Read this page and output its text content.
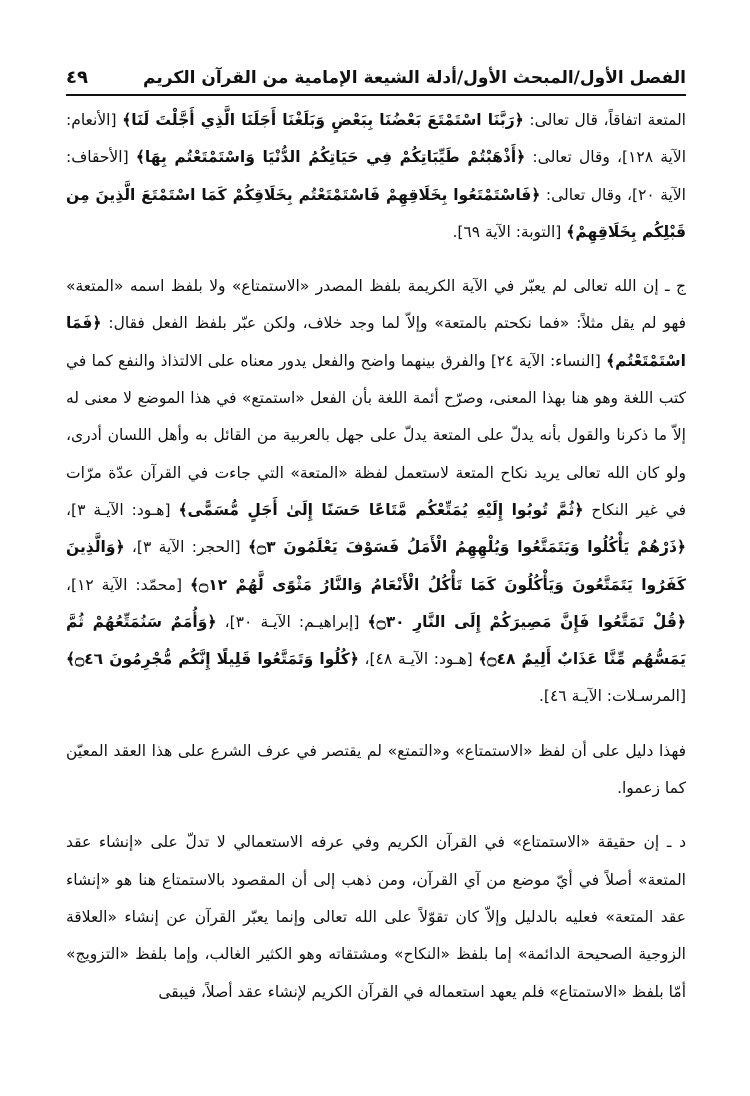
الفصل الأول/المبحث الأول/أدلة الشيعة الإمامية من القرآن الكريم
٤٩

المتعة اتفاقاً، قال تعالى: ﴿رَبَّنَا اسْتَمْتَعَ بَعْضُنَا بِبَعْضٍ وَبَلَغْنَا أَجَلَنَا الَّذِي أَجَّلْتَ لَنَا﴾ [الأنعام: الآية ١٢٨]، وقال تعالى: ﴿أَذْهَبْتُمْ طَيِّبَاتِكُمْ فِي حَيَاتِكُمُ الدُّنْيَا وَاسْتَمْتَعْتُم بِهَا﴾ [الأحقاف: الآية ٢٠]، وقال تعالى: ﴿فَاسْتَمْتَعُوا بِخَلَاقِهِمْ فَاسْتَمْتَعْتُم بِخَلَاقِكُمْ كَمَا اسْتَمْتَعَ الَّذِينَ مِن قَبْلِكُم بِخَلَاقِهِمْ﴾ [التوبة: الآية ٦٩].

ج ـ إن الله تعالى لم يعبّر في الآية الكريمة بلفظ المصدر «الاستمتاع» ولا بلفظ اسمه «المتعة» فهو لم يقل مثلاً: «فما نكحتم بالمتعة» وإلاّ لما وجد خلاف، ولكن عبّر بلفظ الفعل فقال: ﴿فَمَا اسْتَمْتَعْتُم﴾ [النساء: الآية ٢٤] والفرق بينهما واضح والفعل يدور معناه على الالتذاذ والنفع كما في كتب اللغة وهو هنا بهذا المعنى، وصرّح أئمة اللغة بأن الفعل «استمتع» في هذا الموضع لا معنى له إلاّ ما ذكرنا والقول بأنه يدلّ على المتعة يدلّ على جهل بالعربية من القائل به وأهل اللسان أدرى، ولو كان الله تعالى يريد نكاح المتعة لاستعمل لفظة «المتعة» التي جاءت في القرآن عدّة مرّات في غير النكاح ﴿ثُمَّ تُوبُوا إِلَيْهِ يُمَتِّعْكُم مَّتَاعًا حَسَنًا إِلَىٰ أَجَلٍ مُّسَمًّى﴾ [هـود: الآيـة ٣]، ﴿ذَرْهُمْ يَأْكُلُوا وَيَتَمَتَّعُوا وَيُلْهِهِمُ الْأَمَلُ فَسَوْفَ يَعْلَمُونَ ۝٣﴾ [الحجر: الآية ٣]، ﴿وَالَّذِينَ كَفَرُوا يَتَمَتَّعُونَ وَيَأْكُلُونَ كَمَا تَأْكُلُ الْأَنْعَامُ وَالنَّارُ مَثْوًى لَّهُمْ ۝١٢﴾ [محمّد: الآية ١٢]، ﴿قُلْ تَمَتَّعُوا فَإِنَّ مَصِيرَكُمْ إِلَى النَّارِ ۝٣٠﴾ [إبراهيـم: الآيـة ٣٠]، ﴿وَأُمَمٌ سَنُمَتِّعُهُمْ ثُمَّ يَمَسُّهُم مِّنَّا عَذَابٌ أَلِيمٌ ۝٤٨﴾ [هـود: الآيـة ٤٨]، ﴿كُلُوا وَتَمَتَّعُوا قَلِيلًا إِنَّكُم مُّجْرِمُونَ ۝٤٦﴾ [المرسـلات: الآيـة ٤٦].

فهذا دليل على أن لفظ «الاستمتاع» و«التمتع» لم يقتصر في عرف الشرع على هذا العقد المعيّن كما زعموا.

د ـ إن حقيقة «الاستمتاع» في القرآن الكريم وفي عرفه الاستعمالي لا تدلّ على «إنشاء عقد المتعة» أصلاً في أيّ موضع من آي القرآن، ومن ذهب إلى أن المقصود بالاستمتاع هنا هو «إنشاء عقد المتعة» فعليه بالدليل وإلاّ كان تقوّلاً على الله تعالى وإنما يعبّر القرآن عن إنشاء «العلاقة الزوجية الصحيحة الدائمة» إما بلفظ «النكاح» ومشتقاته وهو الكثير الغالب، وإما بلفظ «التزويج» أمّا بلفظ «الاستمتاع» فلم يعهد استعماله في القرآن الكريم لإنشاء عقد أصلاً، فيبقى
